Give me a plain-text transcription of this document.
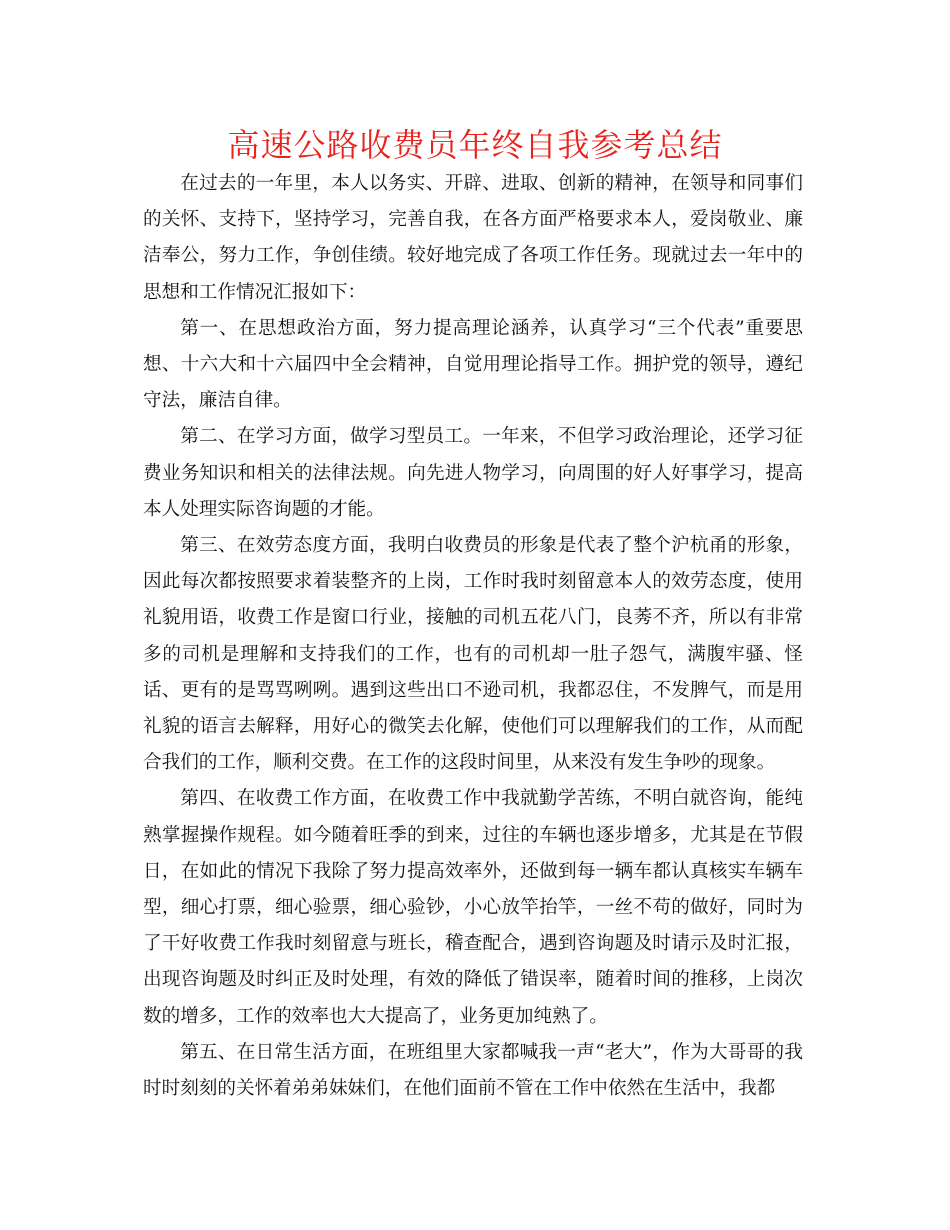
高速公路收费员年终自我参考总结

在过去的一年里，本人以务实、开辟、进取、创新的精神，在领导和同事们的关怀、支持下，坚持学习，完善自我，在各方面严格要求本人，爱岗敬业、廉洁奉公，努力工作，争创佳绩。较好地完成了各项工作任务。现就过去一年中的思想和工作情况汇报如下：

第一、在思想政治方面，努力提高理论涵养，认真学习“三个代表”重要思想、十六大和十六届四中全会精神，自觉用理论指导工作。拥护党的领导，遵纪守法，廉洁自律。

第二、在学习方面，做学习型员工。一年来，不但学习政治理论，还学习征费业务知识和相关的法律法规。向先进人物学习，向周围的好人好事学习，提高本人处理实际咨询题的才能。

第三、在效劳态度方面，我明白收费员的形象是代表了整个沪杭甬的形象，因此每次都按照要求着装整齐的上岗，工作时我时刻留意本人的效劳态度，使用礼貌用语，收费工作是窗口行业，接触的司机五花八门，良莠不齐，所以有非常多的司机是理解和支持我们的工作，也有的司机却一肚子怨气，满腹牢骚、怪话、更有的是骂骂咧咧。遇到这些出口不逊司机，我都忍住，不发脾气，而是用礼貌的语言去解释，用好心的微笑去化解，使他们可以理解我们的工作，从而配合我们的工作，顺利交费。在工作的这段时间里，从来没有发生争吵的现象。

第四、在收费工作方面，在收费工作中我就勤学苦练，不明白就咨询，能纯熟掌握操作规程。如今随着旺季的到来，过往的车辆也逐步增多，尤其是在节假日，在如此的情况下我除了努力提高效率外，还做到每一辆车都认真核实车辆车型，细心打票，细心验票，细心验钞，小心放竿抬竿，一丝不苟的做好，同时为了干好收费工作我时刻留意与班长，稽查配合，遇到咨询题及时请示及时汇报，出现咨询题及时纠正及时处理，有效的降低了错误率，随着时间的推移，上岗次数的增多，工作的效率也大大提高了，业务更加纯熟了。

第五、在日常生活方面，在班组里大家都喊我一声“老大”，作为大哥哥的我时时刻刻的关怀着弟弟妹妹们，在他们面前不管在工作中依然在生活中，我都
